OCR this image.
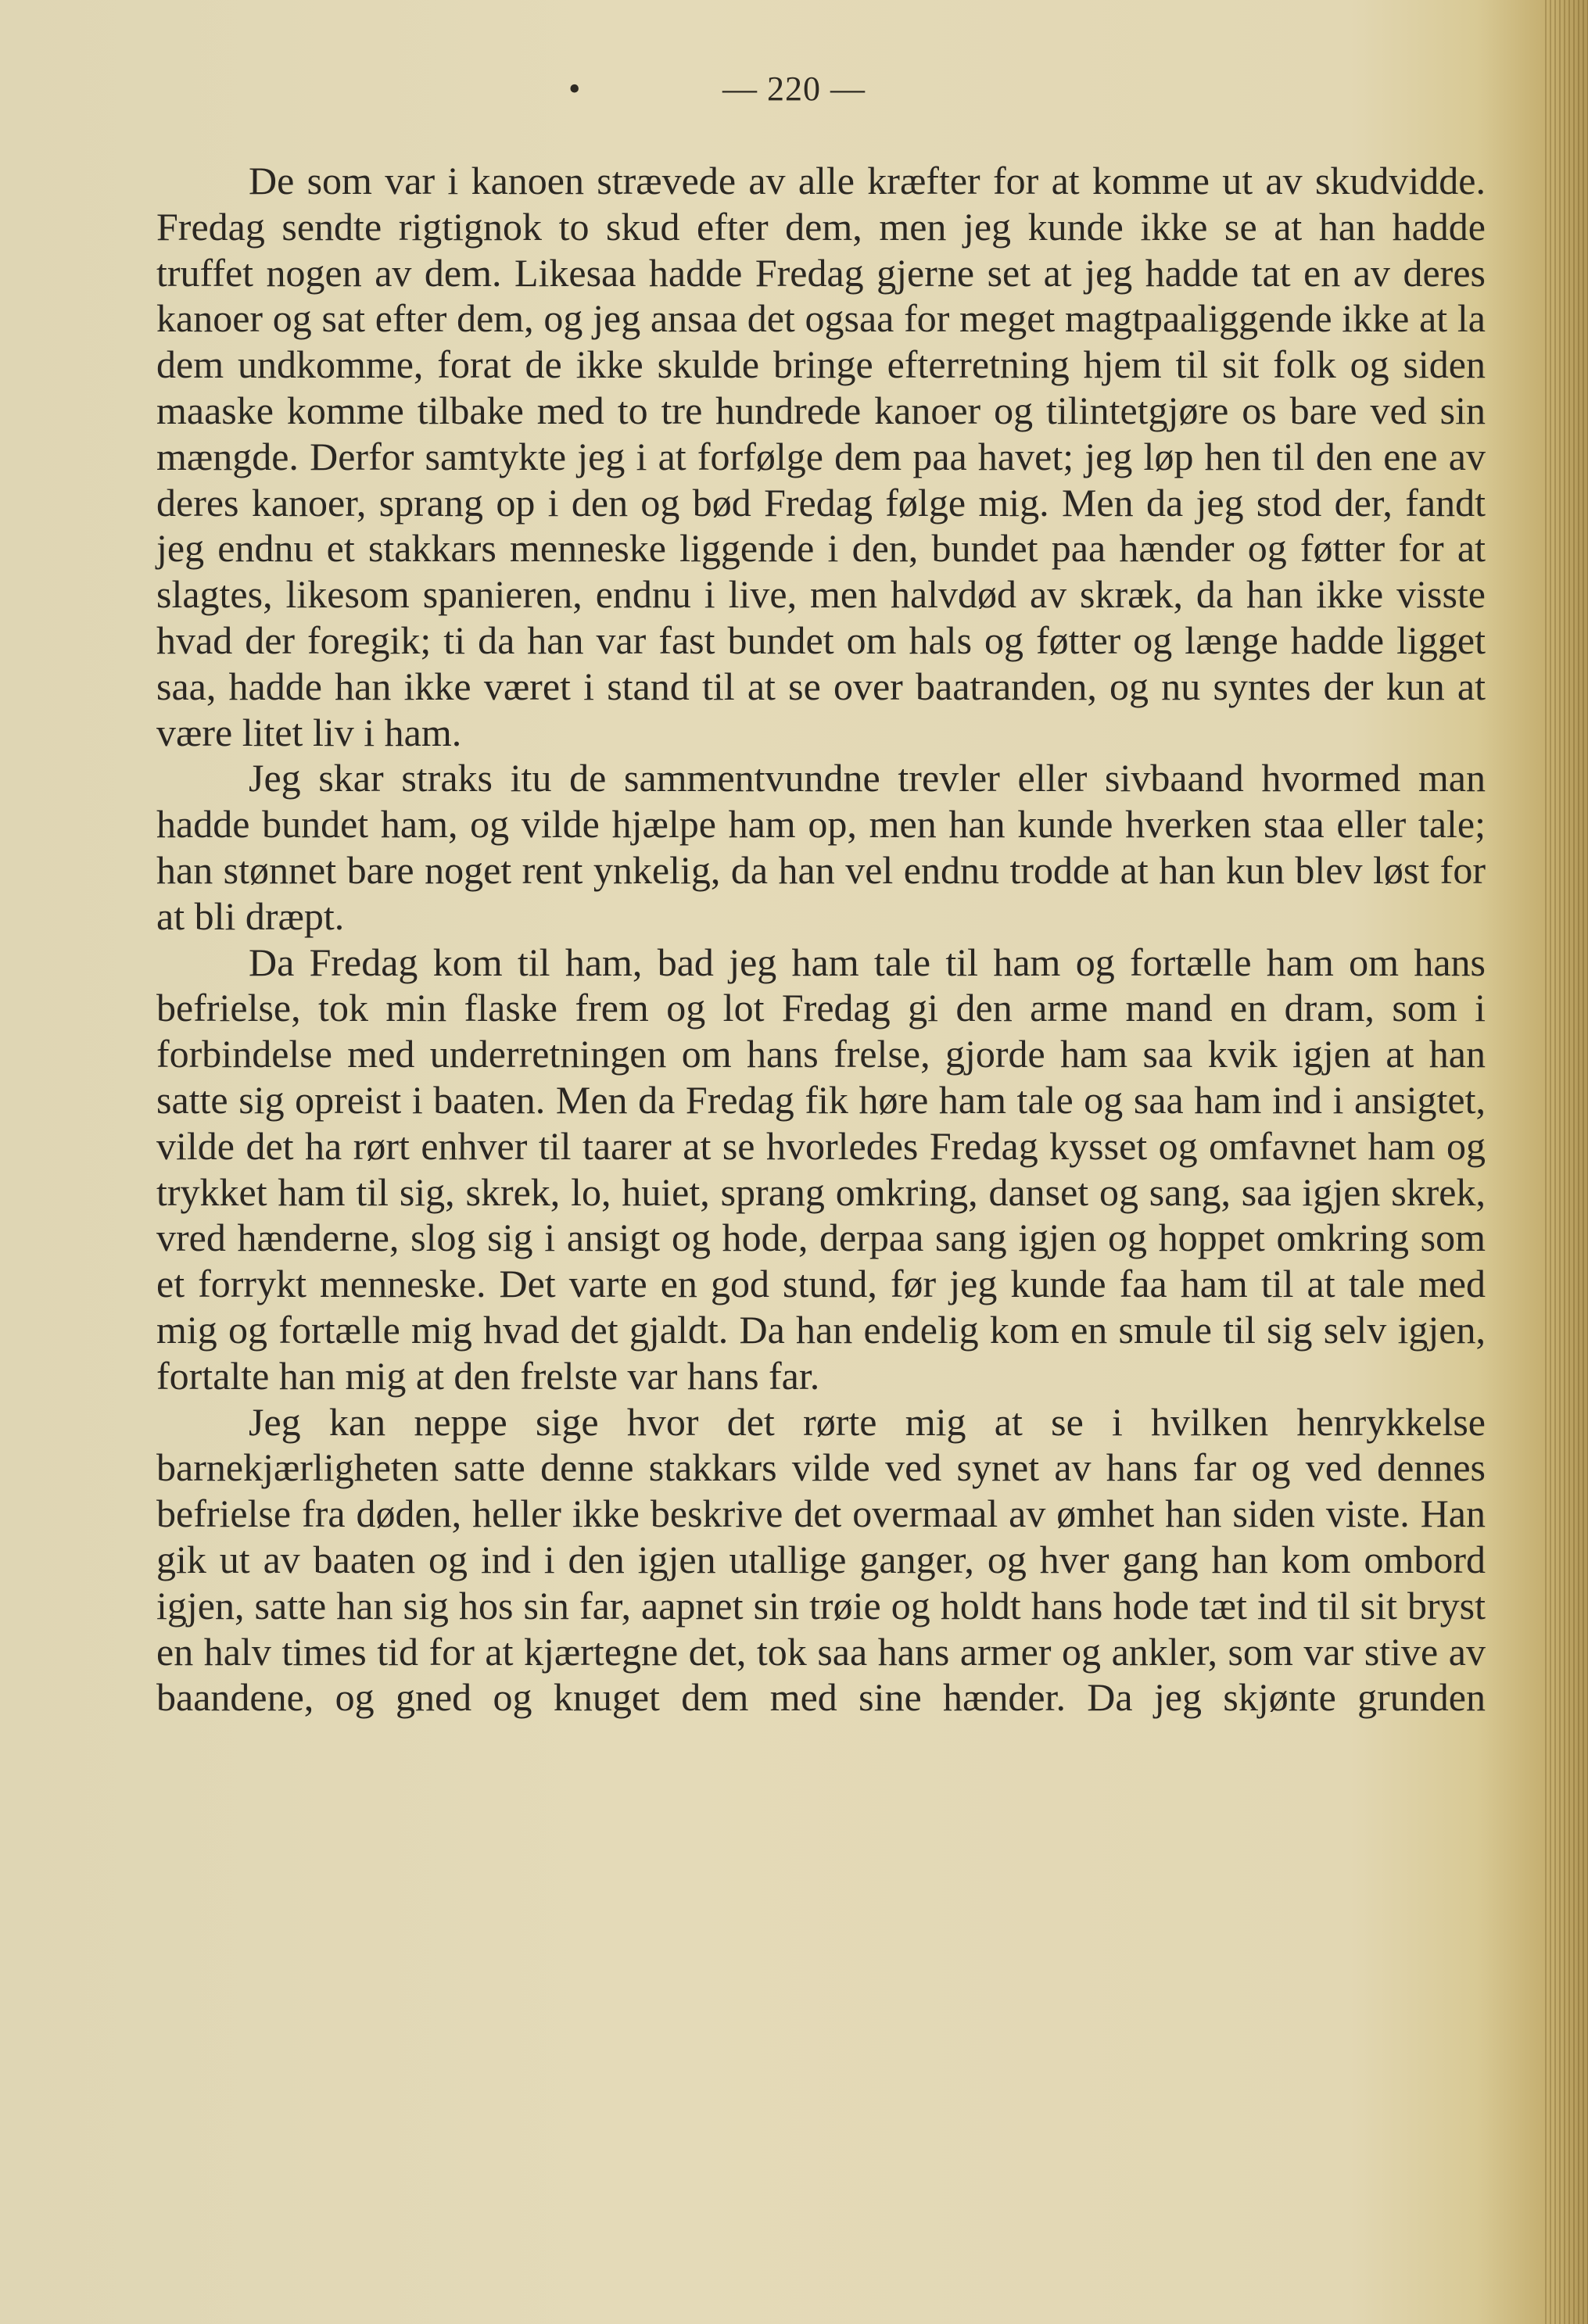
•	— 220 —

De som var i kanoen strævede av alle kræfter for at komme ut av skudvidde. Fredag sendte rigtignok to skud efter dem, men jeg kunde ikke se at han hadde truffet nogen av dem. Likesaa hadde Fredag gjerne set at jeg hadde tat en av deres kanoer og sat efter dem, og jeg ansaa det ogsaa for meget magtpaaliggende ikke at la dem undkomme, forat de ikke skulde bringe efterretning hjem til sit folk og siden maaske komme tilbake med to tre hundrede kanoer og tilintetgjøre os bare ved sin mængde. Derfor samtykte jeg i at forfølge dem paa havet; jeg løp hen til den ene av deres kanoer, sprang op i den og bød Fredag følge mig. Men da jeg stod der, fandt jeg endnu et stakkars menneske liggende i den, bundet paa hænder og føtter for at slagtes, likesom spanieren, endnu i live, men halvdød av skræk, da han ikke visste hvad der foregik; ti da han var fast bundet om hals og føtter og længe hadde ligget saa, hadde han ikke været i stand til at se over baatranden, og nu syntes der kun at være litet liv i ham.

Jeg skar straks itu de sammentvundne trevler eller sivbaand hvormed man hadde bundet ham, og vilde hjælpe ham op, men han kunde hverken staa eller tale; han stønnet bare noget rent ynkelig, da han vel endnu trodde at han kun blev løst for at bli dræpt.

Da Fredag kom til ham, bad jeg ham tale til ham og fortælle ham om hans befrielse, tok min flaske frem og lot Fredag gi den arme mand en dram, som i forbindelse med underretningen om hans frelse, gjorde ham saa kvik igjen at han satte sig opreist i baaten. Men da Fredag fik høre ham tale og saa ham ind i ansigtet, vilde det ha rørt enhver til taarer at se hvorledes Fredag kysset og omfavnet ham og trykket ham til sig, skrek, lo, huiet, sprang omkring, danset og sang, saa igjen skrek, vred hænderne, slog sig i ansigt og hode, derpaa sang igjen og hoppet omkring som et forrykt menneske. Det varte en god stund, før jeg kunde faa ham til at tale med mig og fortælle mig hvad det gjaldt. Da han endelig kom en smule til sig selv igjen, fortalte han mig at den frelste var hans far.

Jeg kan neppe sige hvor det rørte mig at se i hvilken henrykkelse barnekjærligheten satte denne stakkars vilde ved synet av hans far og ved dennes befrielse fra døden, heller ikke beskrive det overmaal av ømhet han siden viste. Han gik ut av baaten og ind i den igjen utallige ganger, og hver gang han kom ombord igjen, satte han sig hos sin far, aapnet sin trøie og holdt hans hode tæt ind til sit bryst en halv times tid for at kjærtegne det, tok saa hans armer og ankler, som var stive av baandene, og gned og knuget dem med sine hænder. Da jeg skjønte grunden
